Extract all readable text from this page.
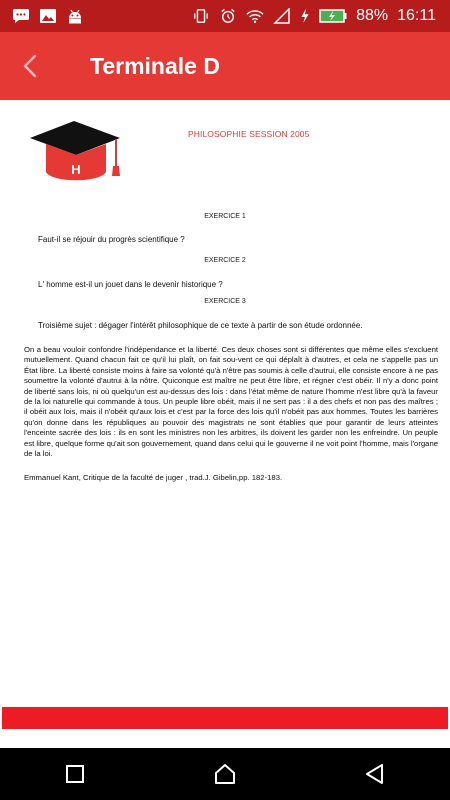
88% 16:11
Terminale D
H
PHILOSOPHIE SESSION 2005
EXERCICE 1
Faut-il se réjouir du progrès scientifique ?
EXERCICE 2
L' homme est-il un jouet dans le devenir historique ?
EXERCICE 3
Troisième sujet : dégager l'intérêt philosophique de ce texte à partir de son étude ordonnée.
On a beau vouloir confondre l'indépendance et la liberté. Ces deux choses sont si différentes que même elles s'excluent mutuellement. Quand chacun fait ce qu'il lui plaît, on fait sou-vent ce qui déplaît à d'autres, et cela ne s'appelle pas un État libre. La liberté consiste moins à faire sa volonté qu'à n'être pas soumis à celle d'autrui, elle consiste encore à ne pas soumettre la volonté d'autrui à la nôtre. Quiconque est maître ne peut être libre, et régner c'est obéir. Il n'y a donc point de liberté sans lois, ni où quelqu'un est au-dessus des lois : dans l'état même de nature l'homme n'est libre qu'à la faveur de la loi naturelle qui commande à tous. Un peuple libre obéit, mais il ne sert pas : il a des chefs et non pas des maîtres ; il obéit aux lois, mais il n'obéit qu'aux lois et c'est par la force des lois qu'il n'obéit pas aux hommes. Toutes les barrières qu'on donne dans les républiques au pouvoir des magistrats ne sont établies que pour garantir de leurs atteintes l'enceinte sacrée des lois : ils en sont les ministres non les arbitres, ils doivent les garder non les enfreindre. Un peuple est libre, quelque forme qu'ait son gouvernement, quand dans celui qui le gouverne il ne voit point l'homme, mais l'organe de la loi.
Emmanuel Kant, Critique de la faculté de juger , trad.J. Gibelin,pp. 182-183.
